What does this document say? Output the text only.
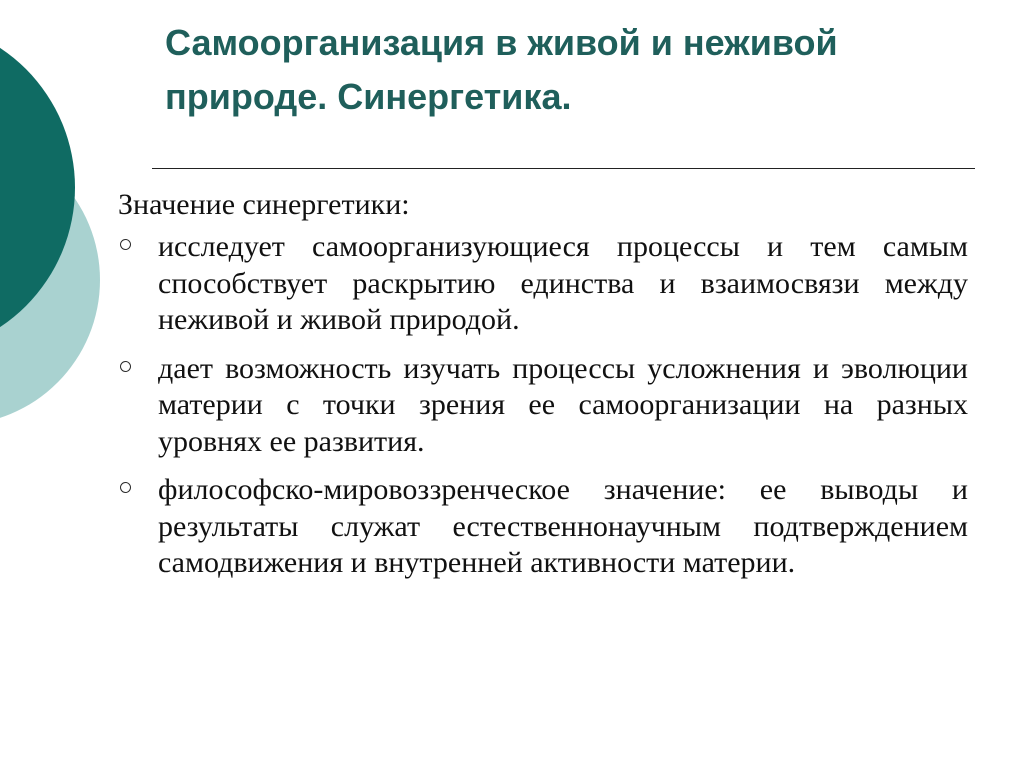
Самоорганизация в живой и неживой природе. Синергетика.

Значение синергетики:

исследует самоорганизующиеся процессы и тем самым способствует раскрытию единства и взаимосвязи между неживой и живой природой.
дает возможность изучать процессы усложнения и эволюции материи с точки зрения ее самоорганизации на разных уровнях ее развития.
философско-мировоззренческое значение: ее выводы и результаты служат естественнонаучным подтверждением самодвижения и внутренней активности материи.
